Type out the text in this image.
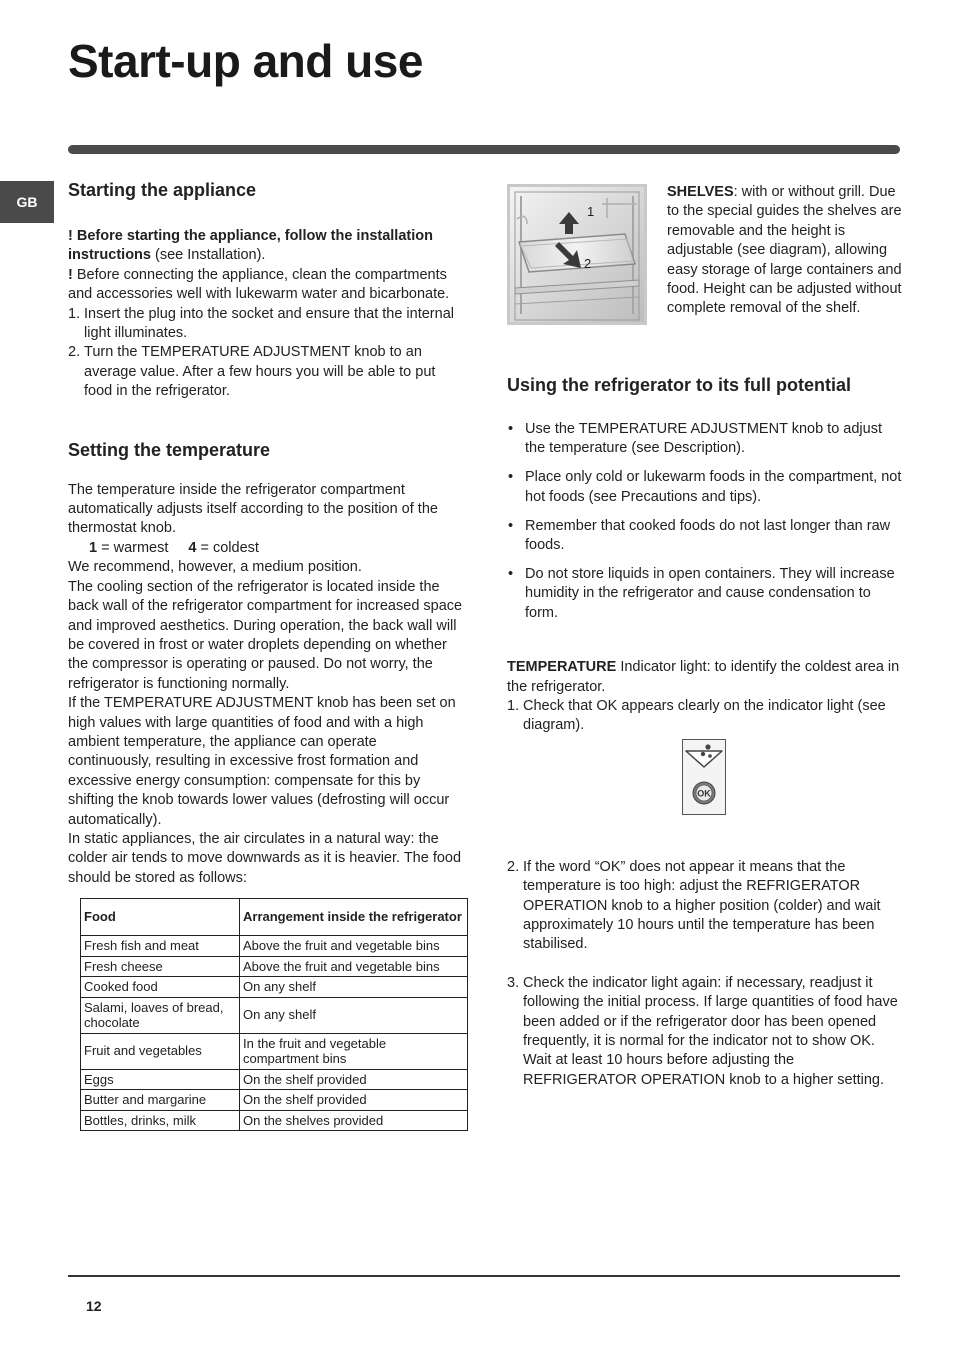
Start-up and use
GB
Starting the appliance

! Before starting the appliance, follow the installation instructions (see Installation).

! Before connecting the appliance, clean the compartments and accessories well with lukewarm water and bicarbonate.

1. Insert the plug into the socket and ensure that the internal light illuminates.
2. Turn the TEMPERATURE ADJUSTMENT knob to an average value. After a few hours you will be able to put food in the refrigerator.
Setting the temperature

The temperature inside the refrigerator compartment automatically adjusts itself according to the position of the thermostat knob.

1 = warmest 4 = coldest

We recommend, however, a medium position.

The cooling section of the refrigerator is located inside the back wall of the refrigerator compartment for increased space and improved aesthetics. During operation, the back wall will be covered in frost or water droplets depending on whether the compressor is operating or paused. Do not worry, the refrigerator is functioning normally.

If the TEMPERATURE ADJUSTMENT knob has been set on high values with large quantities of food and with a high ambient temperature, the appliance can operate continuously, resulting in excessive frost formation and excessive energy consumption: compensate for this by shifting the knob towards lower values (defrosting will occur automatically).

In static appliances, the air circulates in a natural way: the colder air tends to move downwards as it is heavier. The food should be stored as follows:

Food	Arrangement inside the refrigerator
Fresh fish and meat	Above the fruit and vegetable bins
Fresh cheese	Above the fruit and vegetable bins
Cooked food	On any shelf
Salami, loaves of bread, chocolate	On any shelf
Fruit and vegetables	In the fruit and vegetable compartment bins
Eggs	On the shelf provided
Butter and margarine	On the shelf provided
Bottles, drinks, milk	On the shelves provided
1
2

SHELVES: with or without grill. Due to the special guides the shelves are removable and the height is adjustable (see diagram), allowing easy storage of large containers and food. Height can be adjusted without complete removal of the shelf.

Using the refrigerator to its full potential
• Use the TEMPERATURE ADJUSTMENT knob to adjust the temperature (see Description).
• Place only cold or lukewarm foods in the compartment, not hot foods (see Precautions and tips).
• Remember that cooked foods do not last longer than raw foods.
• Do not store liquids in open containers. They will increase humidity in the refrigerator and cause condensation to form.

TEMPERATURE Indicator light: to identify the coldest area in the refrigerator.

1. Check that OK appears clearly on the indicator light (see diagram).
OK
2. If the word “OK” does not appear it means that the temperature is too high: adjust the REFRIGERATOR OPERATION knob to a higher position (colder) and wait approximately 10 hours until the temperature has been stabilised.
3. Check the indicator light again: if necessary, readjust it following the initial process. If large quantities of food have been added or if the refrigerator door has been opened frequently, it is normal for the indicator not to show OK. Wait at least 10 hours before adjusting the REFRIGERATOR OPERATION knob to a higher setting.
12
